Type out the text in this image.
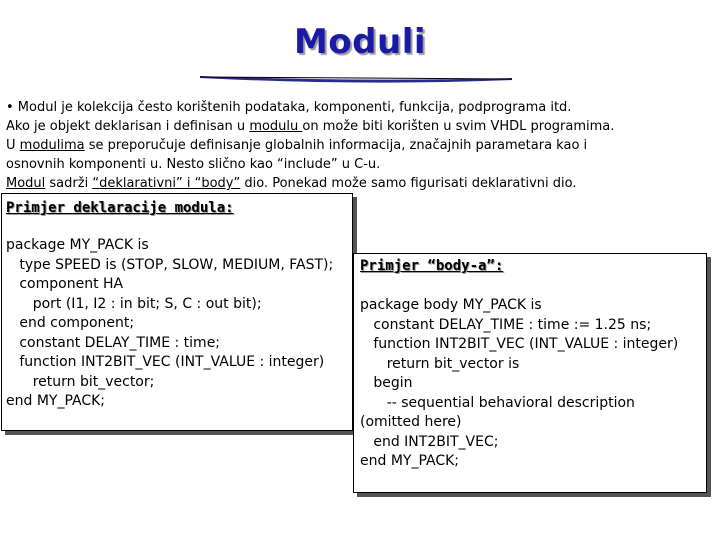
Moduli
• Modul je kolekcija često korištenih podataka, komponenti, funkcija, podprograma itd.
Ako je objekt deklarisan i definisan u modulu on može biti korišten u svim VHDL programima.
U modulima se preporučuje definisanje globalnih informacija, značajnih parametara kao i
osnovnih komponenti u. Nesto slično kao “include” u C-u.
Modul sadrži “deklarativni” i “body” dio. Ponekad može samo figurisati deklarativni dio.
Primjer deklaracije modula:
package MY_PACK is
type SPEED is (STOP, SLOW, MEDIUM, FAST);
component HA
port (I1, I2 : in bit; S, C : out bit);
end component;
constant DELAY_TIME : time;
function INT2BIT_VEC (INT_VALUE : integer)
return bit_vector;
end MY_PACK;
Primjer “body-a”:
package body MY_PACK is
constant DELAY_TIME : time := 1.25 ns;
function INT2BIT_VEC (INT_VALUE : integer)
return bit_vector is
begin
-- sequential behavioral description
(omitted here)
end INT2BIT_VEC;
end MY_PACK;
